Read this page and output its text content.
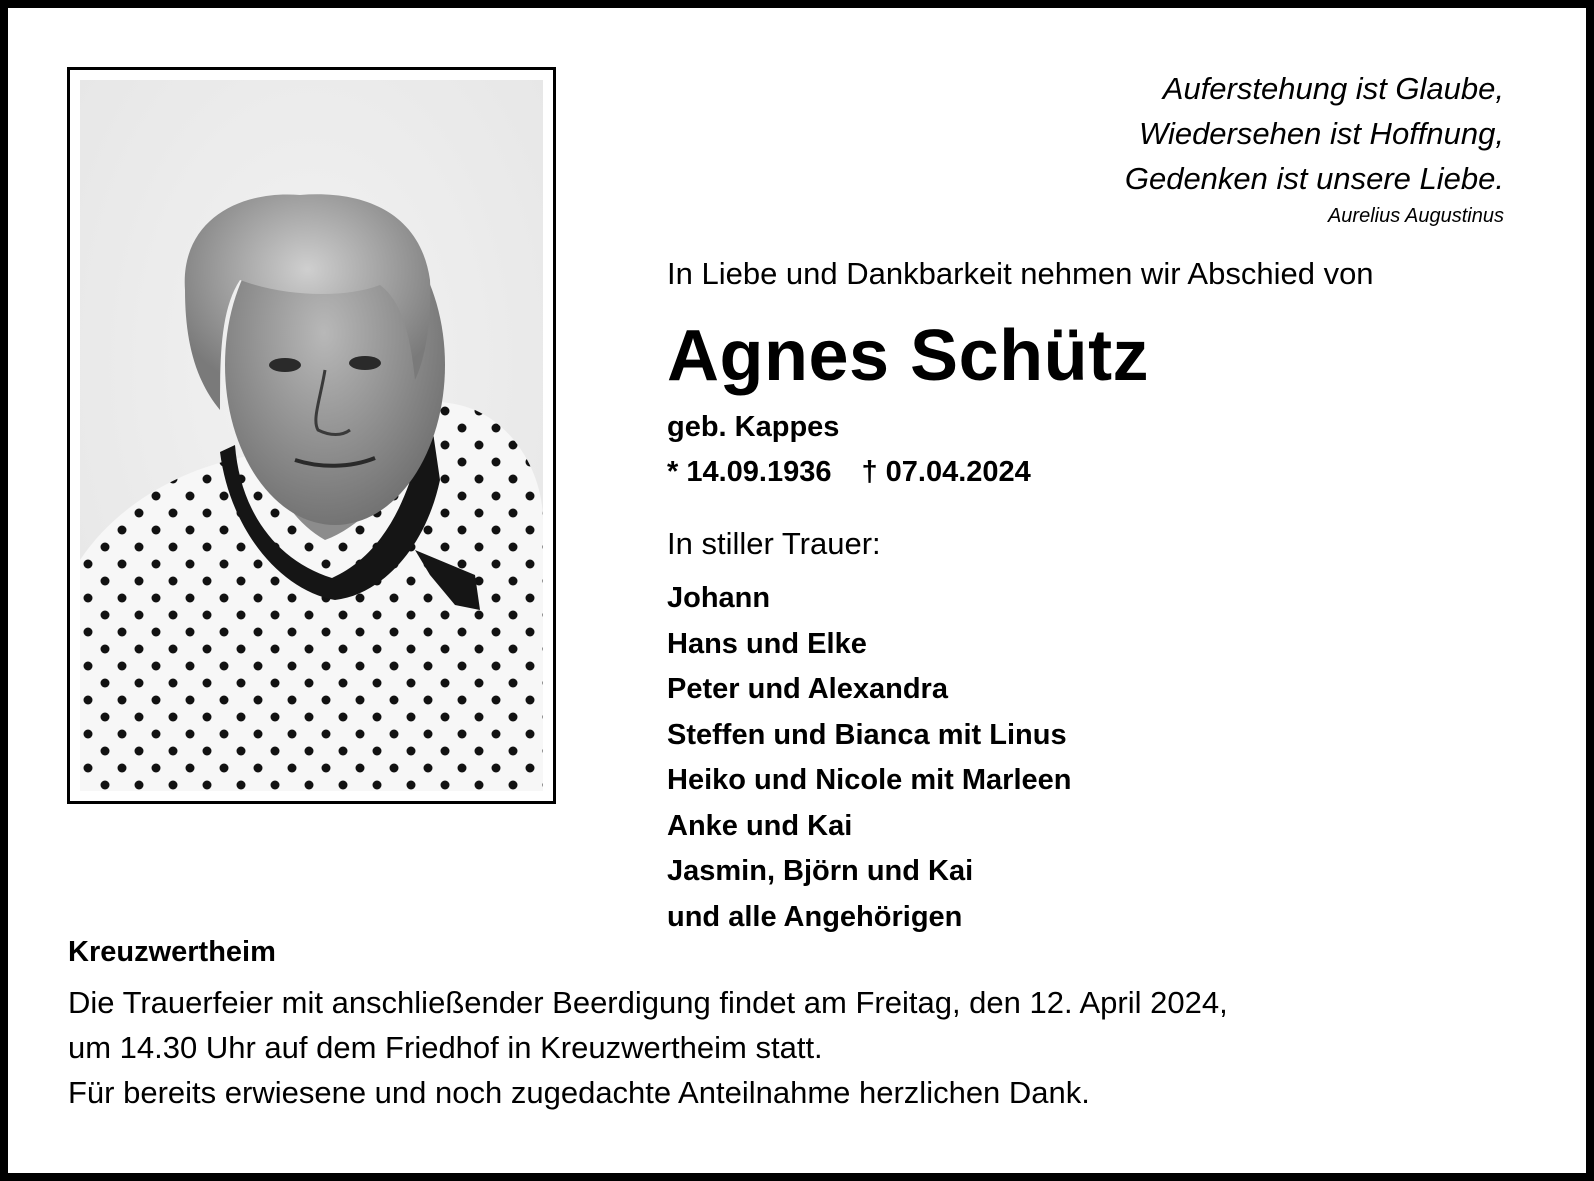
Auferstehung ist Glaube,
Wiedersehen ist Hoffnung,
Gedenken ist unsere Liebe.
Aurelius Augustinus
In Liebe und Dankbarkeit nehmen wir Abschied von
Agnes Schütz
geb. Kappes
* 14.09.1936 † 07.04.2024
In stiller Trauer:
Johann
Hans und Elke
Peter und Alexandra
Steffen und Bianca mit Linus
Heiko und Nicole mit Marleen
Anke und Kai
Jasmin, Björn und Kai
und alle Angehörigen
Kreuzwertheim
Die Trauerfeier mit anschließender Beerdigung findet am Freitag, den 12. April 2024,
um 14.30 Uhr auf dem Friedhof in Kreuzwertheim statt.
Für bereits erwiesene und noch zugedachte Anteilnahme herzlichen Dank.
